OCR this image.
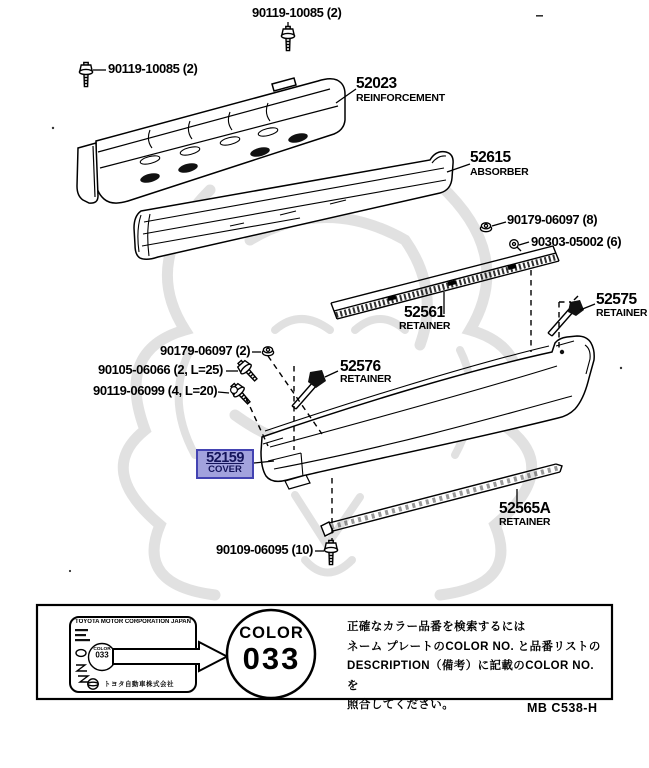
90119-10085 (2)
90119-10085 (2)
52023
REINFORCEMENT
52615
ABSORBER
90179-06097 (8)
90303-05002 (6)
52561
RETAINER
52575
RETAINER
90179-06097 (2)
90105-06066 (2, L=25)
90119-06099 (4, L=20)
52576
RETAINER
52159
COVER
52565A
RETAINER
90109-06095 (10)
COLOR
033
正確なカラー品番を検索するには
ネーム プレートのCOLOR NO. と品番リストの
DESCRIPTION（備考）に記載のCOLOR NO. を
照合してください。
TOYOTA MOTOR CORPORATION JAPAN
COLOR
033
トヨタ自動車株式会社
MB C538-H
